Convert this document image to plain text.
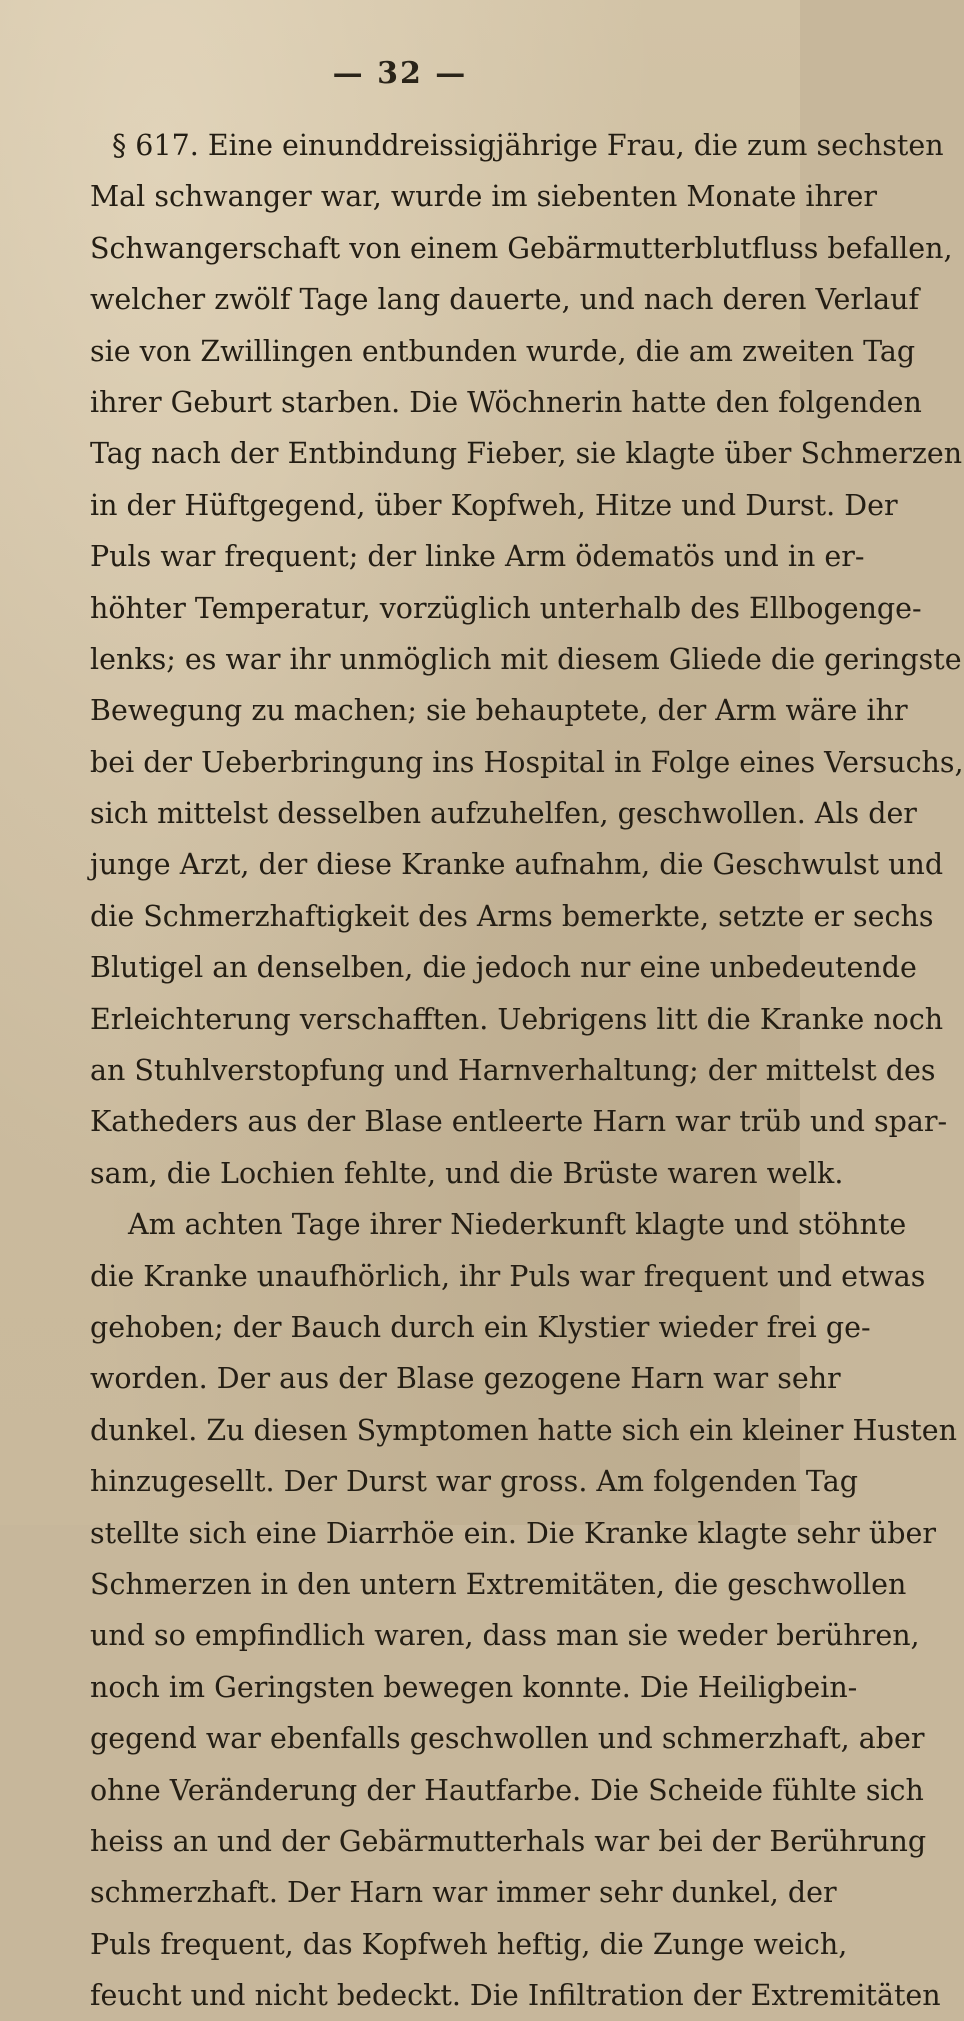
— 32 —
§ 617. Eine einunddreissigjährige Frau, die zum sechsten
Mal schwanger war, wurde im siebenten Monate ihrer
Schwangerschaft von einem Gebärmutterblutfluss befallen,
welcher zwölf Tage lang dauerte, und nach deren Verlauf
sie von Zwillingen entbunden wurde, die am zweiten Tag
ihrer Geburt starben. Die Wöchnerin hatte den folgenden
Tag nach der Entbindung Fieber, sie klagte über Schmerzen
in der Hüftgegend, über Kopfweh, Hitze und Durst. Der
Puls war frequent; der linke Arm ödematös und in er-
höhter Temperatur, vorzüglich unterhalb des Ellbogenge-
lenks; es war ihr unmöglich mit diesem Gliede die geringste
Bewegung zu machen; sie behauptete, der Arm wäre ihr
bei der Ueberbringung ins Hospital in Folge eines Versuchs,
sich mittelst desselben aufzuhelfen, geschwollen. Als der
junge Arzt, der diese Kranke aufnahm, die Geschwulst und
die Schmerzhaftigkeit des Arms bemerkte, setzte er sechs
Blutigel an denselben, die jedoch nur eine unbedeutende
Erleichterung verschafften. Uebrigens litt die Kranke noch
an Stuhlverstopfung und Harnverhaltung; der mittelst des
Katheders aus der Blase entleerte Harn war trüb und spar-
sam, die Lochien fehlte, und die Brüste waren welk.
Am achten Tage ihrer Niederkunft klagte und stöhnte
die Kranke unaufhörlich, ihr Puls war frequent und etwas
gehoben; der Bauch durch ein Klystier wieder frei ge-
worden. Der aus der Blase gezogene Harn war sehr
dunkel. Zu diesen Symptomen hatte sich ein kleiner Husten
hinzugesellt. Der Durst war gross. Am folgenden Tag
stellte sich eine Diarrhöe ein. Die Kranke klagte sehr über
Schmerzen in den untern Extremitäten, die geschwollen
und so empfindlich waren, dass man sie weder berühren,
noch im Geringsten bewegen konnte. Die Heiligbein-
gegend war ebenfalls geschwollen und schmerzhaft, aber
ohne Veränderung der Hautfarbe. Die Scheide fühlte sich
heiss an und der Gebärmutterhals war bei der Berührung
schmerzhaft. Der Harn war immer sehr dunkel, der
Puls frequent, das Kopfweh heftig, die Zunge weich,
feucht und nicht bedeckt. Die Infiltration der Extremitäten
